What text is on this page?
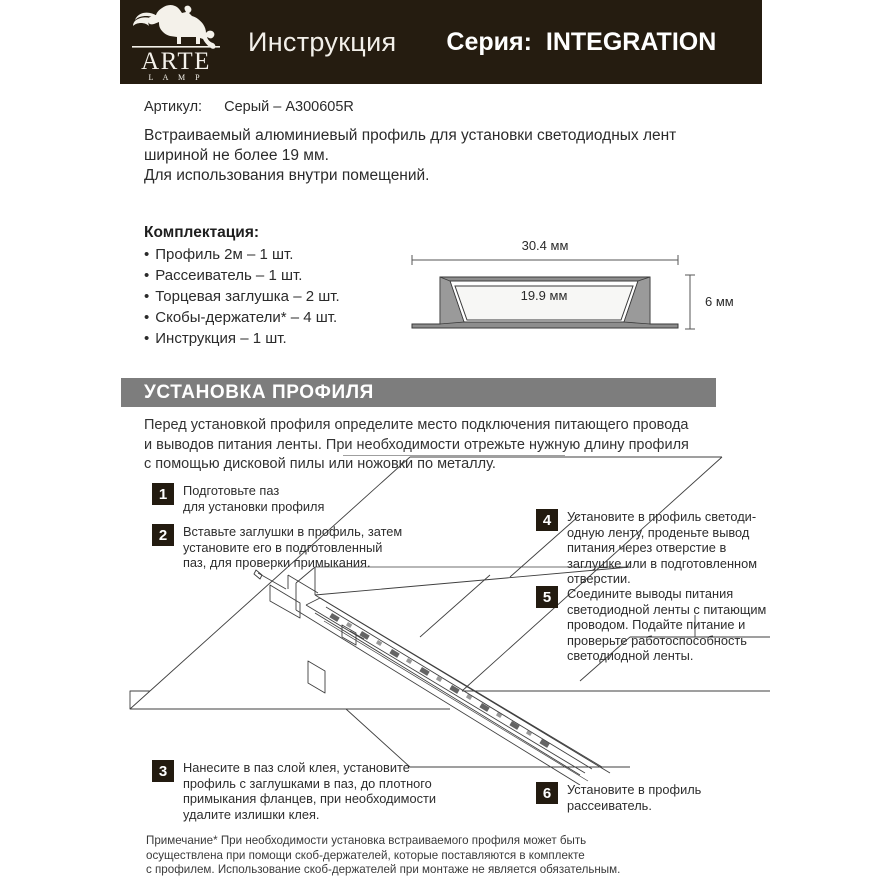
ARTE
L A M P
Инструкция Серия: INTEGRATION
Артикул: Серый – A300605R
Встраиваемый алюминиевый профиль для установки светодиодных лент
шириной не более 19 мм.
Для использования внутри помещений.
Комплектация:
• Профиль 2м – 1 шт.
• Рассеиватель – 1 шт.
• Торцевая заглушка – 2 шт.
• Скобы-держатели* – 4 шт.
• Инструкция – 1 шт.
30.4 мм
6 мм
19.9 мм
УСТАНОВКА ПРОФИЛЯ
Перед установкой профиля определите место подключения питающего провода
и выводов питания ленты. При необходимости отрежьте нужную длину профиля
с помощью дисковой пилы или ножовки по металлу.
1	Подготовьте паз
для установки профиля
2	Вставьте заглушки в профиль, затем
установите его в подготовленный
паз, для проверки примыкания.
3	Нанесите в паз слой клея, установите
профиль с заглушками в паз, до плотного
примыкания фланцев, при необходимости
удалите излишки клея.
4	Установите в профиль светоди-
одную ленту, проденьте вывод
питания через отверстие в
заглушке или в подготовленном
отверстии.
5	Соедините выводы питания
светодиодной ленты с питающим
проводом. Подайте питание и
проверьте работоспособность
светодиодной ленты.
6	Установите в профиль
рассеиватель.
Примечание* При необходимости установка встраиваемого профиля может быть
осуществлена при помощи скоб-держателей, которые поставляются в комплекте
с профилем. Использование скоб-держателей при монтаже не является обязательным.
